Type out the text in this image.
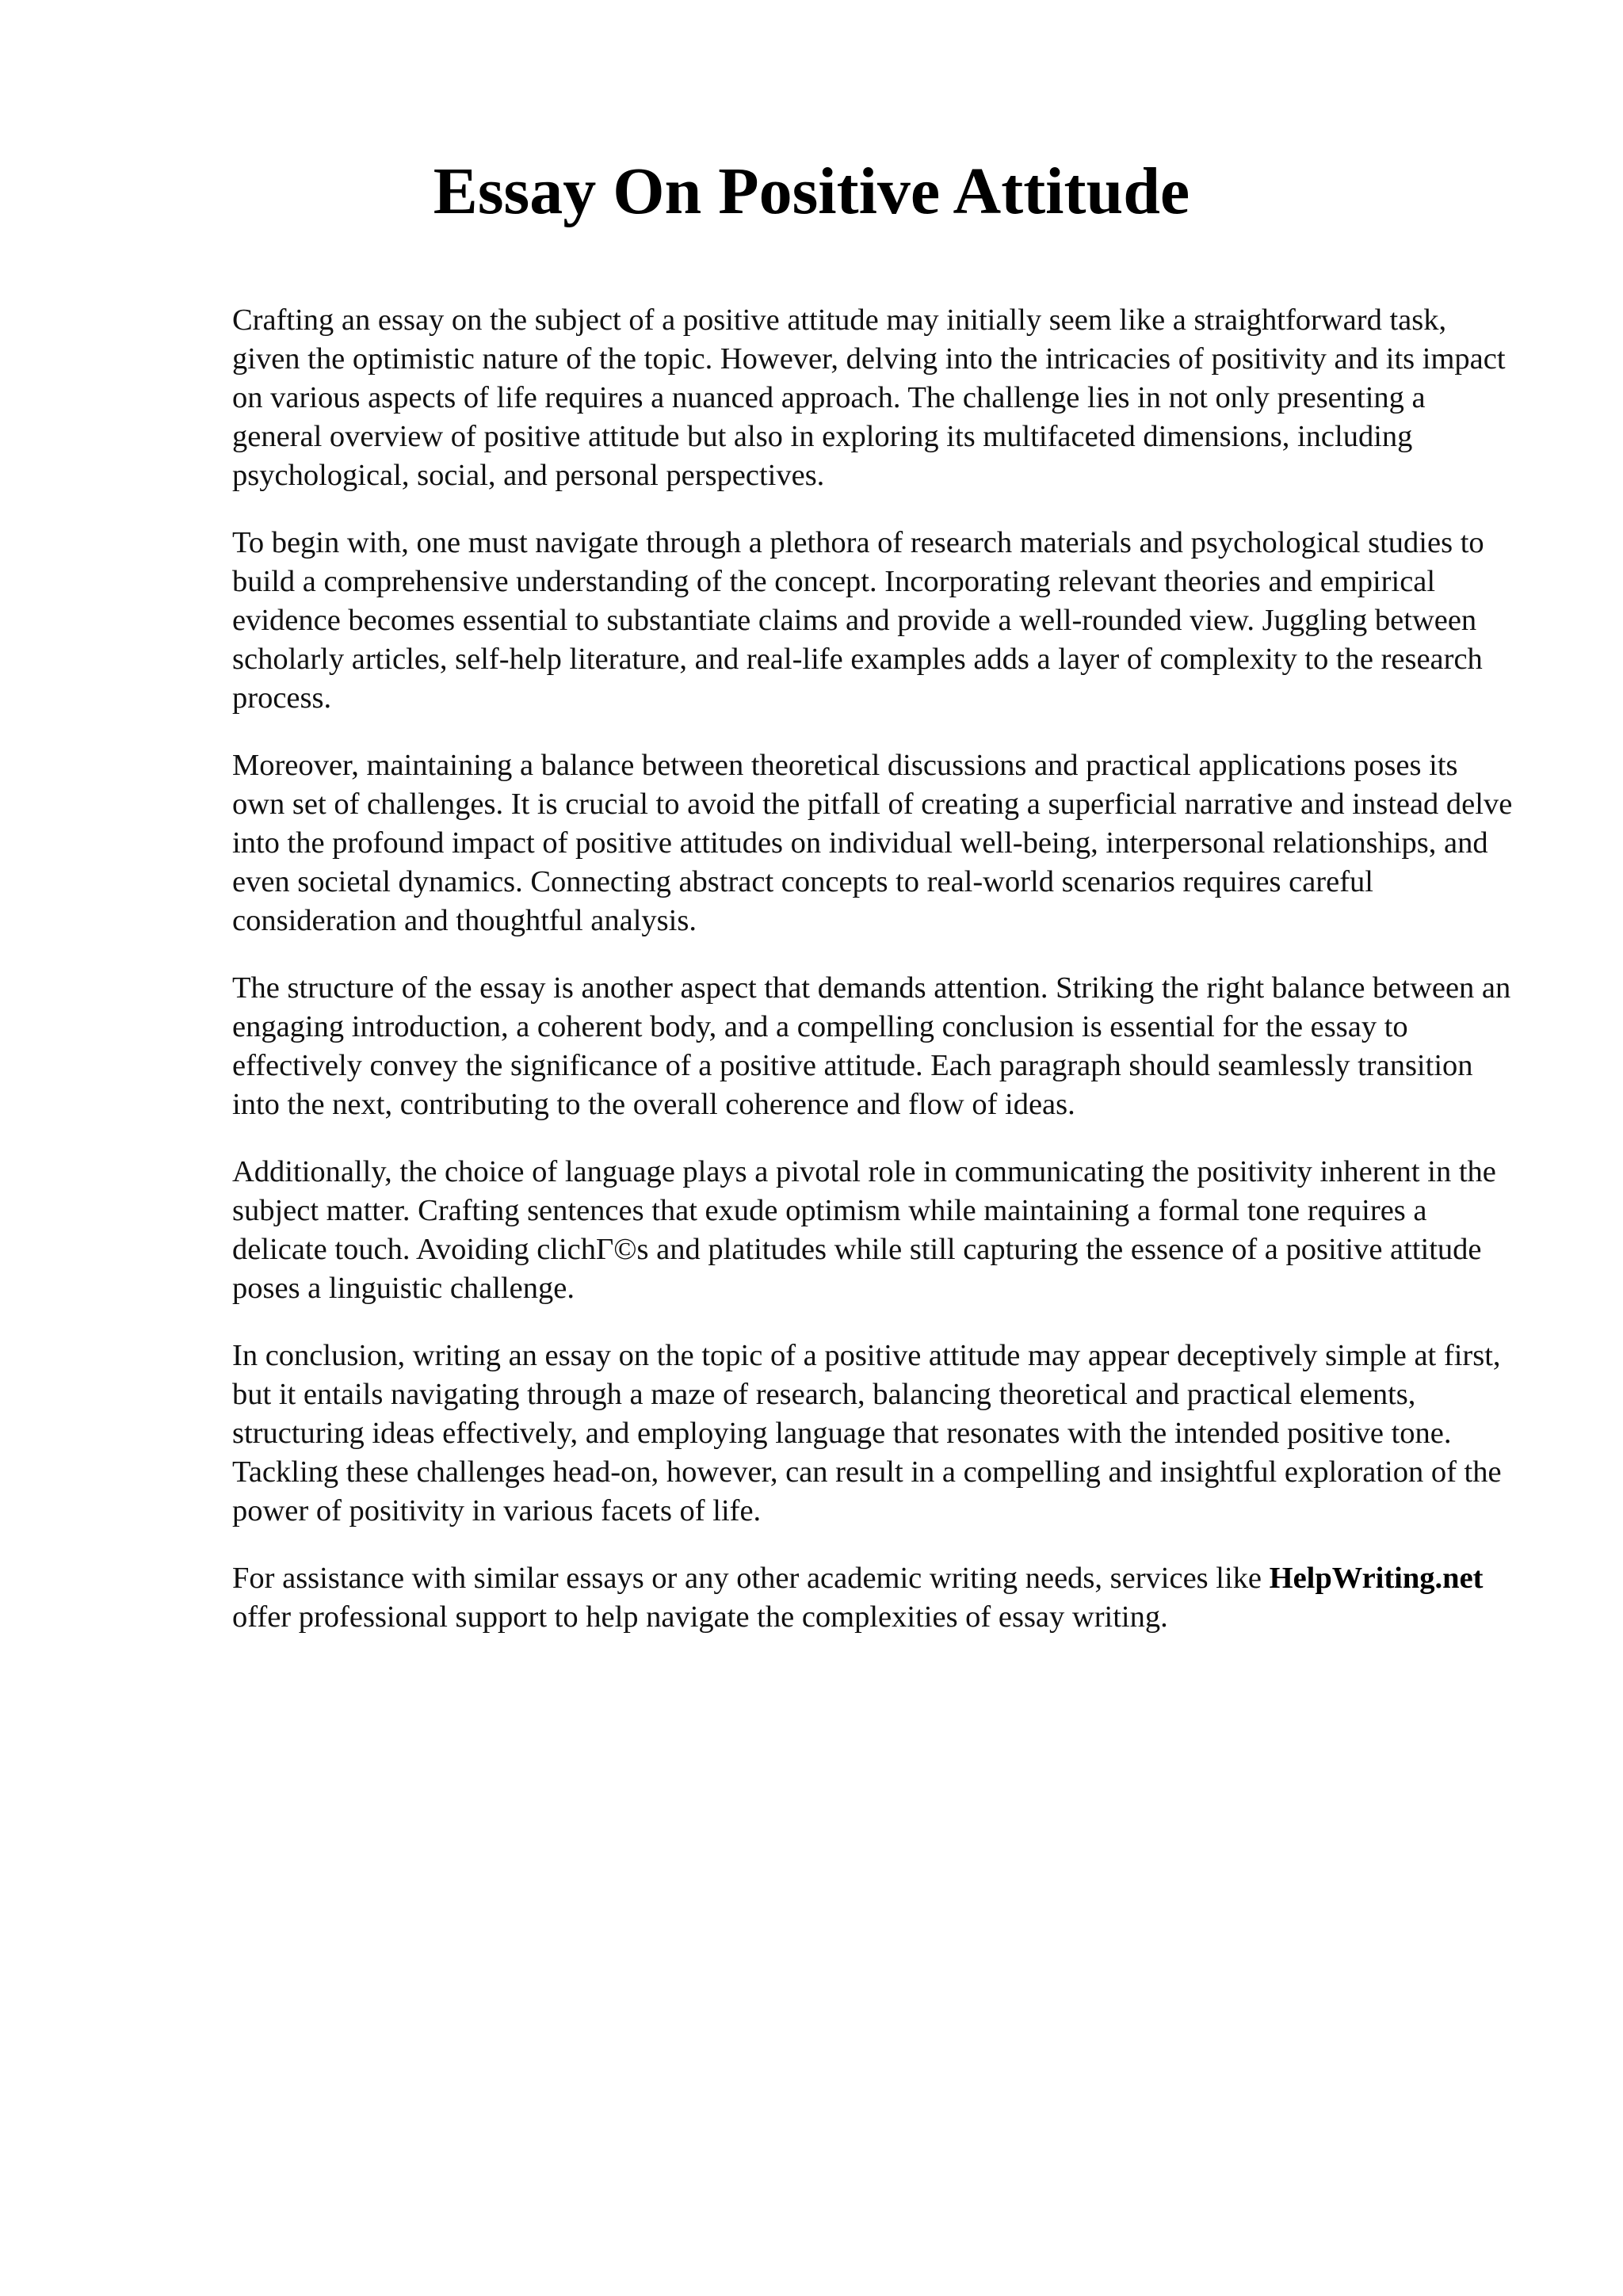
Essay On Positive Attitude

Crafting an essay on the subject of a positive attitude may initially seem like a straightforward task, given the optimistic nature of the topic. However, delving into the intricacies of positivity and its impact on various aspects of life requires a nuanced approach. The challenge lies in not only presenting a general overview of positive attitude but also in exploring its multifaceted dimensions, including psychological, social, and personal perspectives.

To begin with, one must navigate through a plethora of research materials and psychological studies to build a comprehensive understanding of the concept. Incorporating relevant theories and empirical evidence becomes essential to substantiate claims and provide a well-rounded view. Juggling between scholarly articles, self-help literature, and real-life examples adds a layer of complexity to the research process.

Moreover, maintaining a balance between theoretical discussions and practical applications poses its own set of challenges. It is crucial to avoid the pitfall of creating a superficial narrative and instead delve into the profound impact of positive attitudes on individual well-being, interpersonal relationships, and even societal dynamics. Connecting abstract concepts to real-world scenarios requires careful consideration and thoughtful analysis.

The structure of the essay is another aspect that demands attention. Striking the right balance between an engaging introduction, a coherent body, and a compelling conclusion is essential for the essay to effectively convey the significance of a positive attitude. Each paragraph should seamlessly transition into the next, contributing to the overall coherence and flow of ideas.

Additionally, the choice of language plays a pivotal role in communicating the positivity inherent in the subject matter. Crafting sentences that exude optimism while maintaining a formal tone requires a delicate touch. Avoiding clichГ©s and platitudes while still capturing the essence of a positive attitude poses a linguistic challenge.

In conclusion, writing an essay on the topic of a positive attitude may appear deceptively simple at first, but it entails navigating through a maze of research, balancing theoretical and practical elements, structuring ideas effectively, and employing language that resonates with the intended positive tone. Tackling these challenges head-on, however, can result in a compelling and insightful exploration of the power of positivity in various facets of life.

For assistance with similar essays or any other academic writing needs, services like HelpWriting.net offer professional support to help navigate the complexities of essay writing.
